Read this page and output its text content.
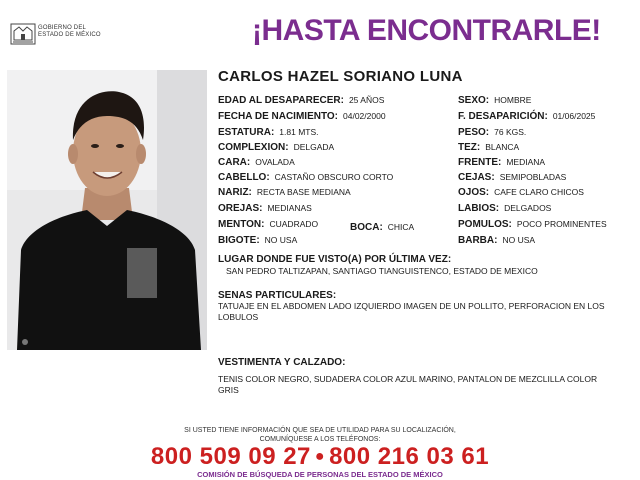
GOBIERNO DEL
ESTADO DE MÉXICO	¡HASTA ENCONTRARLE!
CARLOS HAZEL SORIANO LUNA
EDAD AL DESAPARECER: 25 AÑOS
FECHA DE NACIMIENTO: 04/02/2000
ESTATURA: 1.81 MTS.
COMPLEXION: DELGADA
CARA: OVALADA
CABELLO: CASTAÑO OBSCURO CORTO
NARIZ: RECTA BASE MEDIANA
OREJAS: MEDIANAS
MENTON: CUADRADO
BIGOTE: NO USA
BOCA: CHICA
SEXO: HOMBRE
F. DESAPARICIÓN: 01/06/2025
PESO: 76 KGS.
TEZ: BLANCA
FRENTE: MEDIANA
CEJAS: SEMIPOBLADAS
OJOS: CAFE CLARO CHICOS
LABIOS: DELGADOS
POMULOS: POCO PROMINENTES
BARBA: NO USA
LUGAR DONDE FUE VISTO(A) POR ÚLTIMA VEZ:
SAN PEDRO TALTIZAPAN, SANTIAGO TIANGUISTENCO, ESTADO DE MEXICO
SENAS PARTICULARES:
TATUAJE EN EL ABDOMEN LADO IZQUIERDO IMAGEN DE UN POLLITO, PERFORACION EN LOS LOBULOS
VESTIMENTA Y CALZADO:
TENIS COLOR NEGRO, SUDADERA COLOR AZUL MARINO, PANTALON DE MEZCLILLA COLOR GRIS
SI USTED TIENE INFORMACIÓN QUE SEA DE UTILIDAD PARA SU LOCALIZACIÓN,
COMUNÍQUESE A LOS TELÉFONOS:
800 509 09 27 ● 800 216 03 61
COMISIÓN DE BÚSQUEDA DE PERSONAS DEL ESTADO DE MÉXICO
